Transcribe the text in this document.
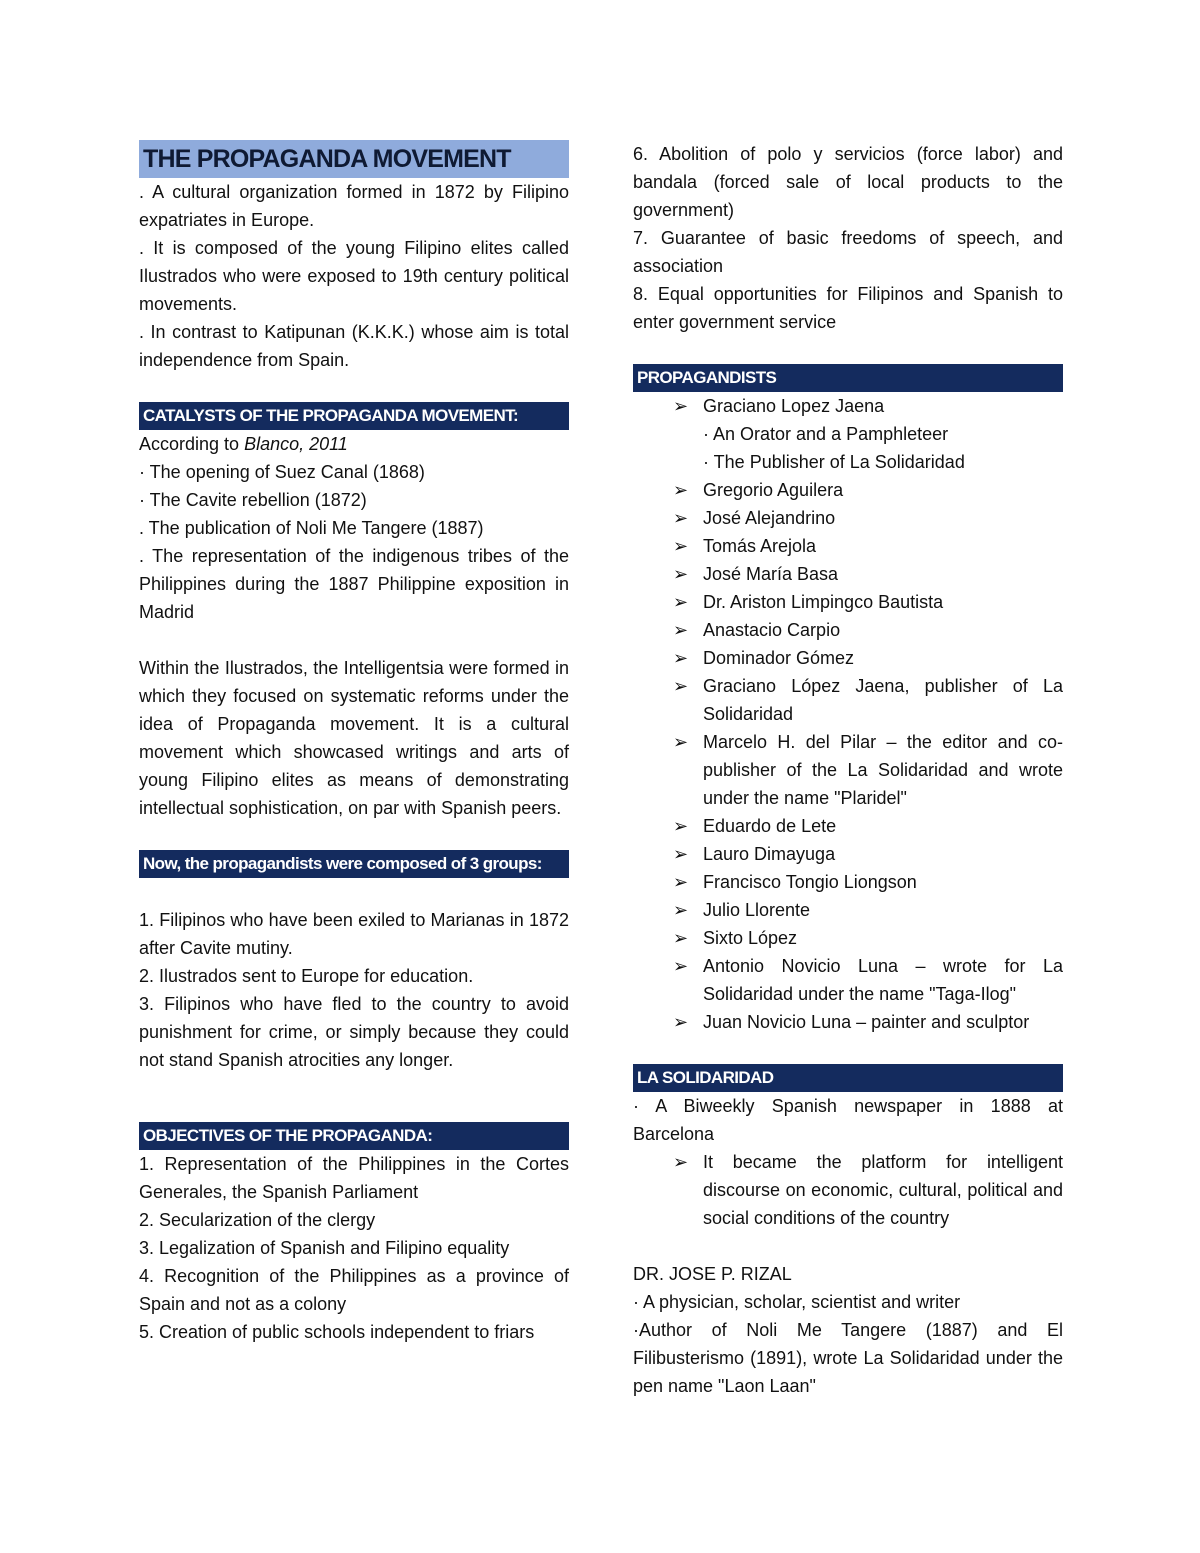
THE PROPAGANDA MOVEMENT

. A cultural organization formed in 1872 by Filipino expatriates in Europe.

. It is composed of the young Filipino elites called Ilustrados who were exposed to 19th century political movements.

. In contrast to Katipunan (K.K.K.) whose aim is total independence from Spain.

CATALYSTS OF THE PROPAGANDA MOVEMENT:

According to Blanco, 2011

· The opening of Suez Canal (1868)

· The Cavite rebellion (1872)

. The publication of Noli Me Tangere (1887)

. The representation of the indigenous tribes of the Philippines during the 1887 Philippine exposition in Madrid

Within the Ilustrados, the Intelligentsia were formed in which they focused on systematic reforms under the idea of Propaganda movement. It is a cultural movement which showcased writings and arts of young Filipino elites as means of demonstrating intellectual sophistication, on par with Spanish peers.

Now, the propagandists were composed of 3 groups:

1. Filipinos who have been exiled to Marianas in 1872 after Cavite mutiny.

2. Ilustrados sent to Europe for education.

3. Filipinos who have fled to the country to avoid punishment for crime, or simply because they could not stand Spanish atrocities any longer.

OBJECTIVES OF THE PROPAGANDA:

1. Representation of the Philippines in the Cortes Generales, the Spanish Parliament

2. Secularization of the clergy

3. Legalization of Spanish and Filipino equality

4. Recognition of the Philippines as a province of Spain and not as a colony

5. Creation of public schools independent to friars

6. Abolition of polo y servicios (force labor) and bandala (forced sale of local products to the government)

7. Guarantee of basic freedoms of speech, and association

8. Equal opportunities for Filipinos and Spanish to enter government service

PROPAGANDISTS
➢ Graciano Lopez Jaena
· An Orator and a Pamphleteer
· The Publisher of La Solidaridad
➢ Gregorio Aguilera
➢ José Alejandrino
➢ Tomás Arejola
➢ José María Basa
➢ Dr. Ariston Limpingco Bautista
➢ Anastacio Carpio
➢ Dominador Gómez
➢ Graciano López Jaena, publisher of La Solidaridad
➢ Marcelo H. del Pilar – the editor and co-publisher of the La Solidaridad and wrote under the name "Plaridel"
➢ Eduardo de Lete
➢ Lauro Dimayuga
➢ Francisco Tongio Liongson
➢ Julio Llorente
➢ Sixto López
➢ Antonio Novicio Luna – wrote for La Solidaridad under the name "Taga-Ilog"
➢ Juan Novicio Luna – painter and sculptor
LA SOLIDARIDAD

· A Biweekly Spanish newspaper in 1888 at Barcelona

➢ It became the platform for intelligent discourse on economic, cultural, political and social conditions of the country
DR. JOSE P. RIZAL

· A physician, scholar, scientist and writer

·Author of Noli Me Tangere (1887) and El Filibusterismo (1891), wrote La Solidaridad under the pen name "Laon Laan"
